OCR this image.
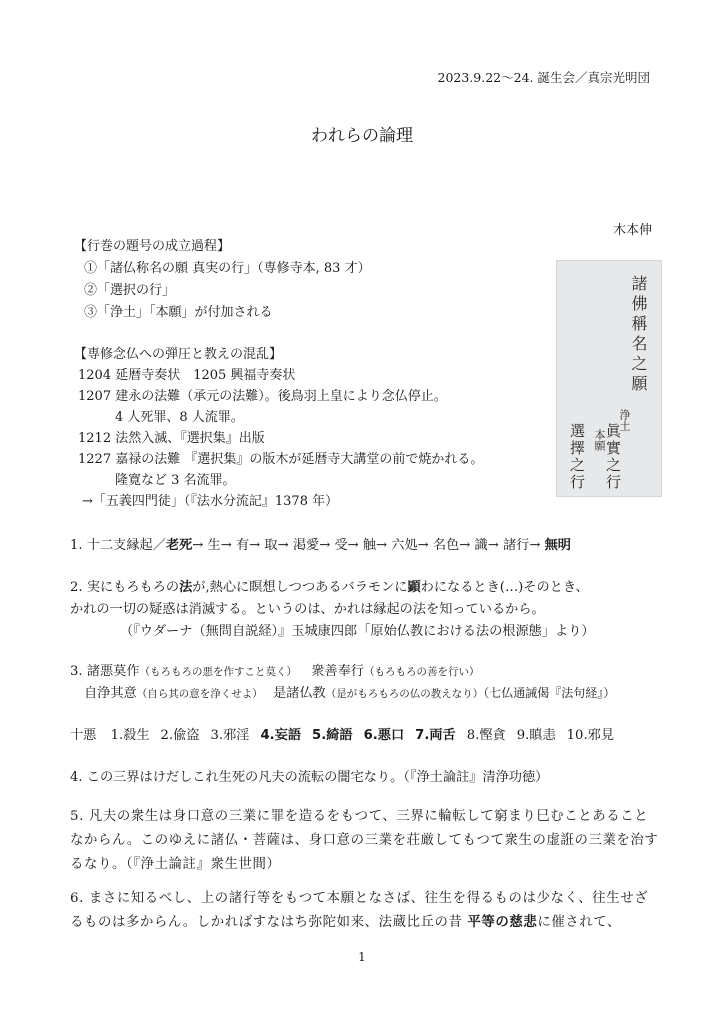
2023.9.22～24. 誕生会／真宗光明団
われらの論理
木本伸
【行巻の題号の成立過程】
①「諸仏称名の願 真実の行」（専修寺本, 83 才）
②「選択の行」
③「浄土」「本願」が付加される
【専修念仏への弾圧と教えの混乱】
1204 延暦寺奏状　1205 興福寺奏状
1207 建永の法難（承元の法難）。後鳥羽上皇により念仏停止。
　4 人死罪、8 人流罪。
1212 法然入滅、『選択集』出版
1227 嘉禄の法難 『選択集』の版木が延暦寺大講堂の前で焼かれる。
　隆寛など 3 名流罪。
→「五義四門徒」（『法水分流記』1378 年）
諸佛稱名之願
浄土
眞實之行
本願
選擇之行
1. 十二支縁起／老死→ 生→ 有→ 取→ 渇愛→ 受→ 触→ 六処→ 名色→ 識→ 諸行→ 無明
2. 実にもろもろの法が,熱心に瞑想しつつあるバラモンに顕わになるとき(…)そのとき、
かれの一切の疑惑は消滅する。というのは、かれは縁起の法を知っているから。
（『ウダーナ（無問自説経）』玉城康四郎「原始仏教における法の根源態」より）
3. 諸悪莫作（もろもろの悪を作すこと莫く） 衆善奉行（もろもろの善を行い）
自浄其意（自ら其の意を浄くせよ） 是諸仏教（是がもろもろの仏の教えなり）（七仏通誡偈『法句経』）
十悪 1.殺生 2.偸盗 3.邪淫 4.妄語 5.綺語 6.悪口 7.両舌 8.慳貪 9.瞋恚 10.邪見
4. この三界はけだしこれ生死の凡夫の流転の闇宅なり。（『浄土論註』清浄功徳）
5. 凡夫の衆生は身口意の三業に罪を造るをもつて、三界に輪転して窮まり巳むことあることなからん。このゆえに諸仏・菩薩は、身口意の三業を荘厳してもつて衆生の虚誑の三業を治するなり。（『浄土論註』衆生世間）
6. まさに知るべし、上の諸行等をもつて本願となさば、往生を得るものは少なく、往生せざるものは多からん。しかればすなはち弥陀如来、法蔵比丘の昔 平等の慈悲に催されて、
1
